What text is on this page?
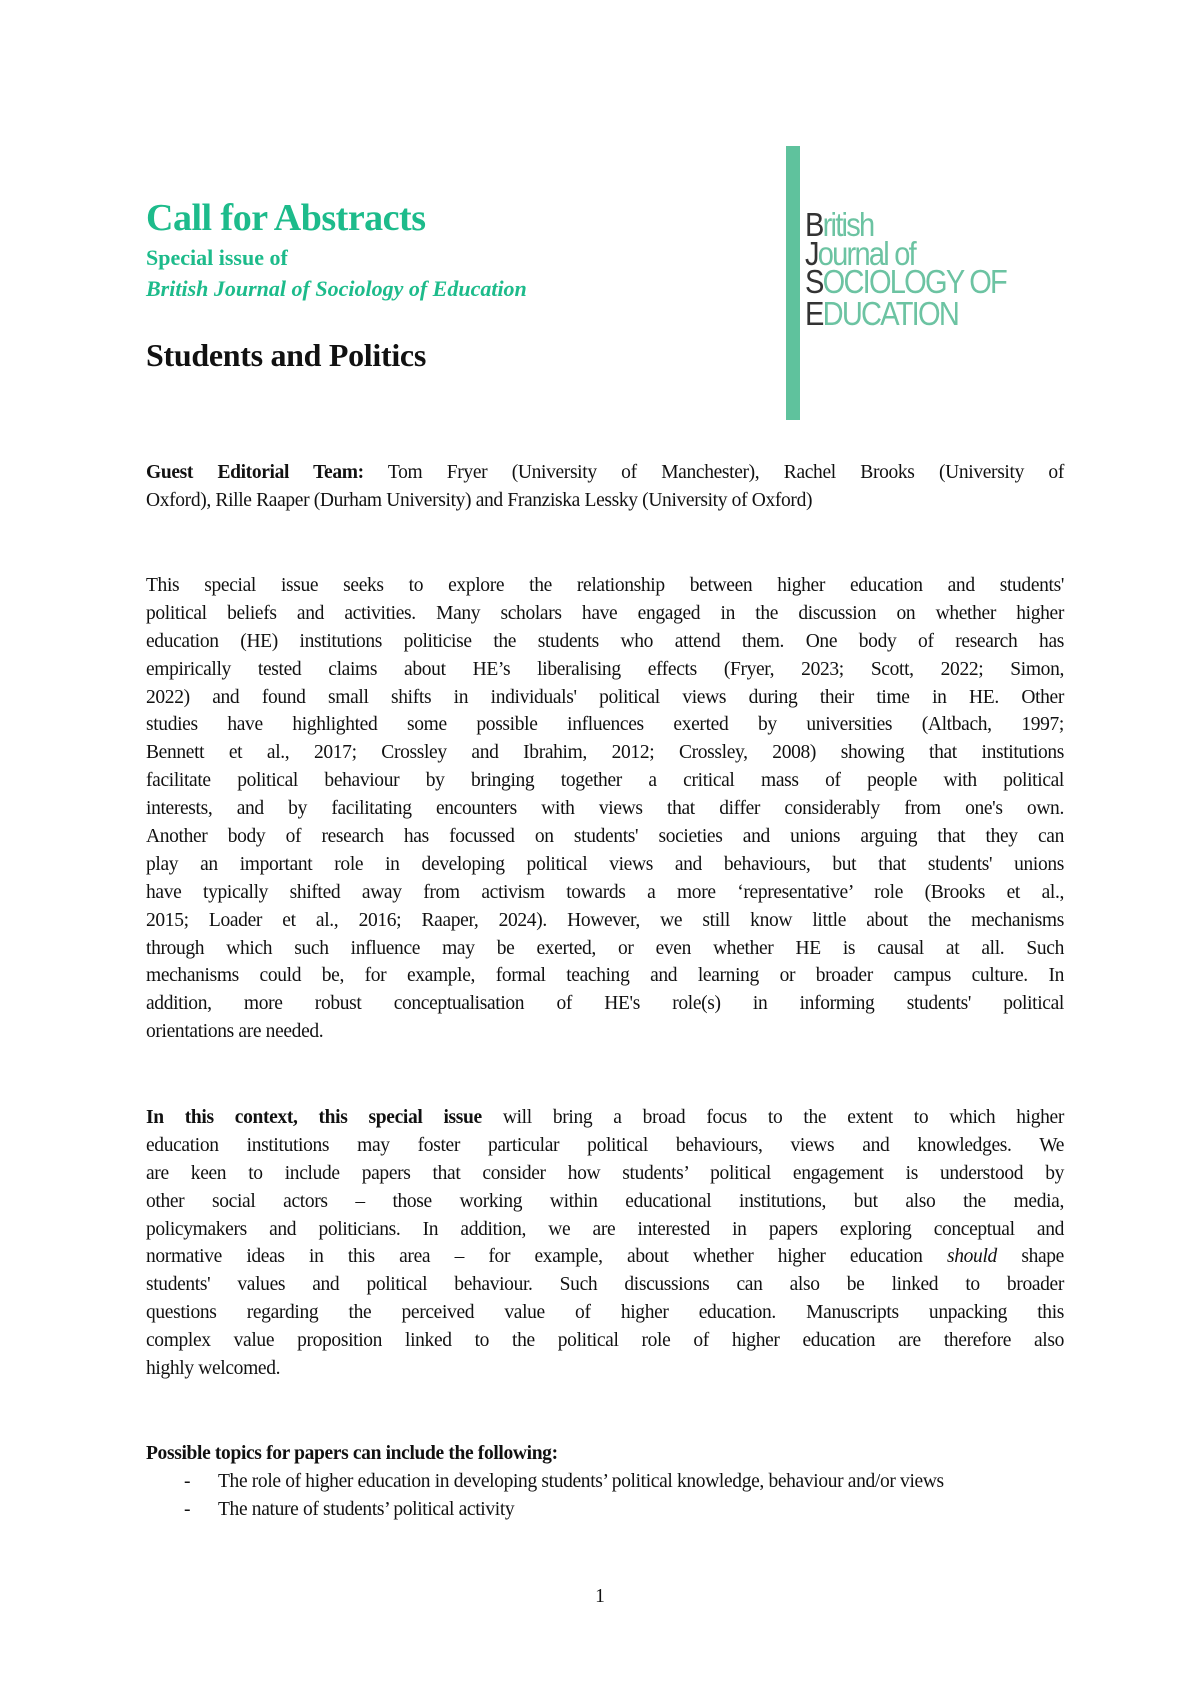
Call for Abstracts
Special issue of
British Journal of Sociology of Education
Students and Politics
British
Journal of
SOCIOLOGY OF
EDUCATION
Guest Editorial Team: Tom Fryer (University of Manchester), Rachel Brooks (University of
Oxford), Rille Raaper (Durham University) and Franziska Lessky (University of Oxford)
This special issue seeks to explore the relationship between higher education and students'
political beliefs and activities. Many scholars have engaged in the discussion on whether higher
education (HE) institutions politicise the students who attend them. One body of research has
empirically tested claims about HE’s liberalising effects (Fryer, 2023; Scott, 2022; Simon,
2022) and found small shifts in individuals' political views during their time in HE. Other
studies have highlighted some possible influences exerted by universities (Altbach, 1997;
Bennett et al., 2017; Crossley and Ibrahim, 2012; Crossley, 2008) showing that institutions
facilitate political behaviour by bringing together a critical mass of people with political
interests, and by facilitating encounters with views that differ considerably from one's own.
Another body of research has focussed on students' societies and unions arguing that they can
play an important role in developing political views and behaviours, but that students' unions
have typically shifted away from activism towards a more ‘representative’ role (Brooks et al.,
2015; Loader et al., 2016; Raaper, 2024). However, we still know little about the mechanisms
through which such influence may be exerted, or even whether HE is causal at all. Such
mechanisms could be, for example, formal teaching and learning or broader campus culture. In
addition, more robust conceptualisation of HE's role(s) in informing students' political
orientations are needed.
In this context, this special issue will bring a broad focus to the extent to which higher
education institutions may foster particular political behaviours, views and knowledges. We
are keen to include papers that consider how students’ political engagement is understood by
other social actors – those working within educational institutions, but also the media,
policymakers and politicians. In addition, we are interested in papers exploring conceptual and
normative ideas in this area – for example, about whether higher education should shape
students' values and political behaviour. Such discussions can also be linked to broader
questions regarding the perceived value of higher education. Manuscripts unpacking this
complex value proposition linked to the political role of higher education are therefore also
highly welcomed.
Possible topics for papers can include the following:
- The role of higher education in developing students’ political knowledge, behaviour and/or views
- The nature of students’ political activity
1
